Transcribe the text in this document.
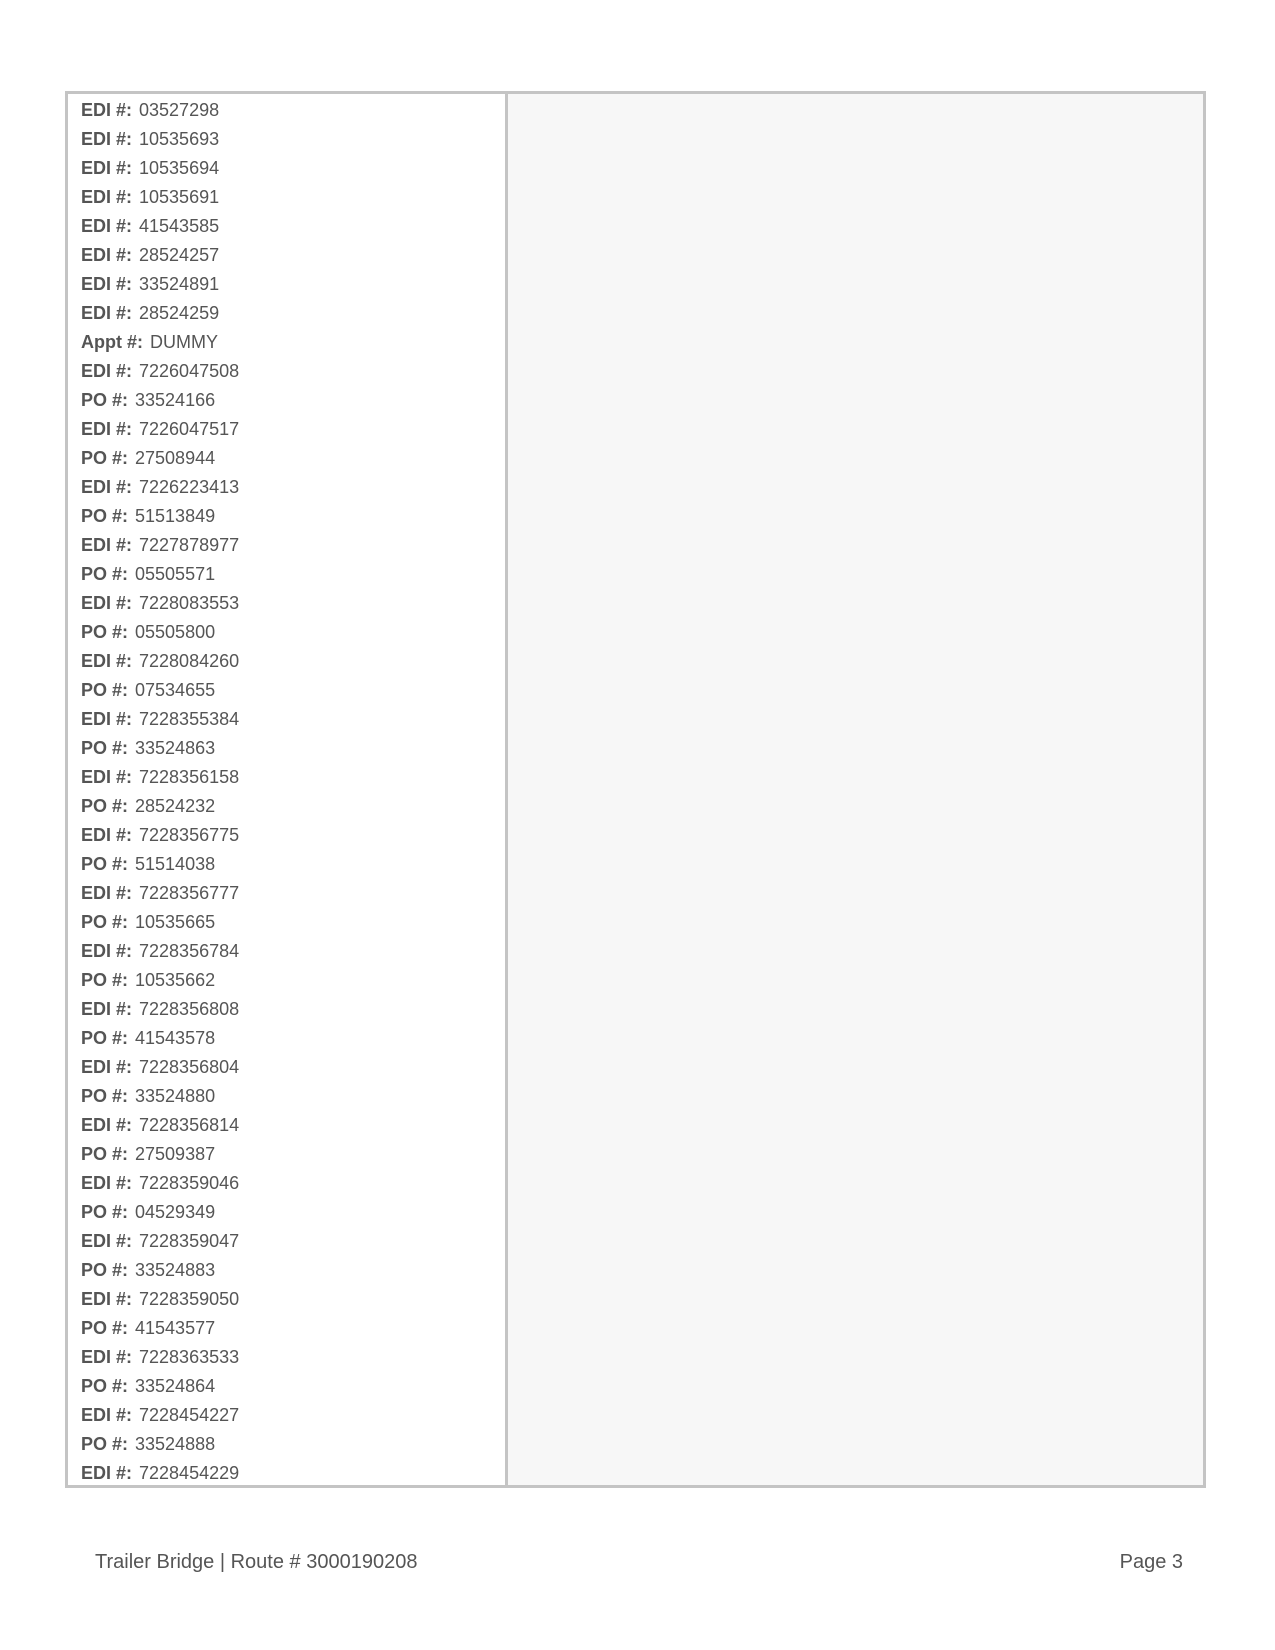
EDI #: 03527298
EDI #: 10535693
EDI #: 10535694
EDI #: 10535691
EDI #: 41543585
EDI #: 28524257
EDI #: 33524891
EDI #: 28524259
Appt #: DUMMY
EDI #: 7226047508
PO #: 33524166
EDI #: 7226047517
PO #: 27508944
EDI #: 7226223413
PO #: 51513849
EDI #: 7227878977
PO #: 05505571
EDI #: 7228083553
PO #: 05505800
EDI #: 7228084260
PO #: 07534655
EDI #: 7228355384
PO #: 33524863
EDI #: 7228356158
PO #: 28524232
EDI #: 7228356775
PO #: 51514038
EDI #: 7228356777
PO #: 10535665
EDI #: 7228356784
PO #: 10535662
EDI #: 7228356808
PO #: 41543578
EDI #: 7228356804
PO #: 33524880
EDI #: 7228356814
PO #: 27509387
EDI #: 7228359046
PO #: 04529349
EDI #: 7228359047
PO #: 33524883
EDI #: 7228359050
PO #: 41543577
EDI #: 7228363533
PO #: 33524864
EDI #: 7228454227
PO #: 33524888
EDI #: 7228454229
Trailer Bridge | Route # 3000190208	Page 3
